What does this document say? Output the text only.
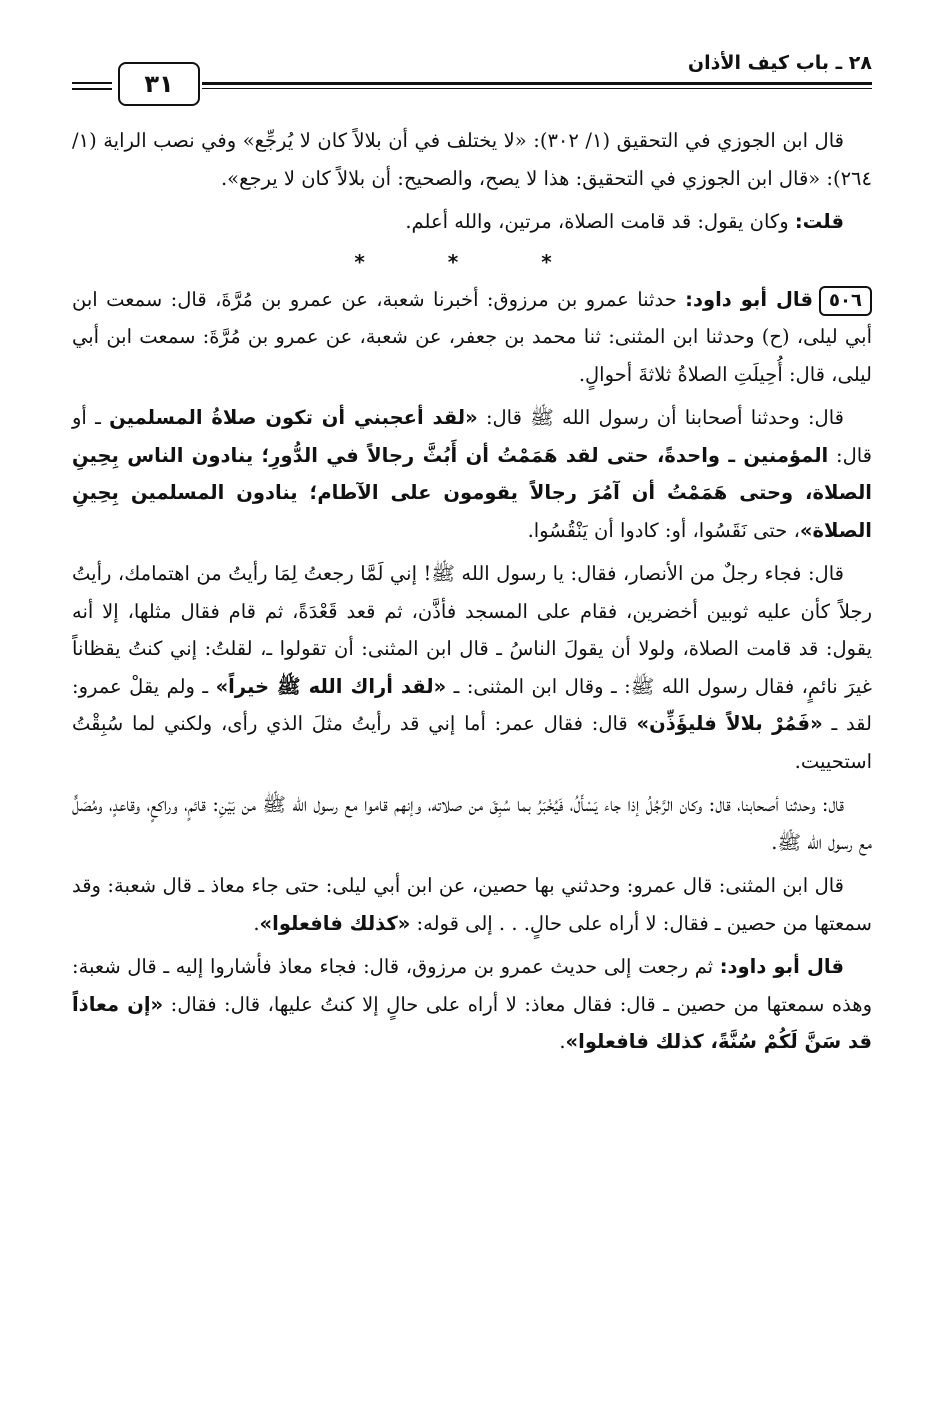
٢٨ ـ باب كيف الأذان
٣١

قال ابن الجوزي في التحقيق (١/ ٣٠٢): «لا يختلف في أن بلالاً كان لا يُرجِّع» وفي نصب الراية (١/ ٢٦٤): «قال ابن الجوزي في التحقيق: هذا لا يصح، والصحيح: أن بلالاً كان لا يرجع».

قلت: وكان يقول: قد قامت الصلاة، مرتين، والله أعلم.

* * *

٥٠٦قال أبو داود: حدثنا عمرو بن مرزوق: أخبرنا شعبة، عن عمرو بن مُرَّةَ، قال: سمعت ابن أبي ليلى، (ح) وحدثنا ابن المثنى: ثنا محمد بن جعفر، عن شعبة، عن عمرو بن مُرَّةَ: سمعت ابن أبي ليلى، قال: أُحِيلَتِ الصلاةُ ثلاثةَ أحوالٍ.

قال: وحدثنا أصحابنا أن رسول الله ﷺ قال: «لقد أعجبني أن تكون صلاةُ المسلمين ـ أو قال: المؤمنين ـ واحدةً، حتى لقد هَمَمْتُ أن أَبُثَّ رجالاً في الدُّورِ؛ ينادون الناس بِحِينِ الصلاة، وحتى هَمَمْتُ أن آمُرَ رجالاً يقومون على الآطام؛ ينادون المسلمين بِحِينِ الصلاة»، حتى نَقَسُوا، أو: كادوا أن يَنْقُسُوا.

قال: فجاء رجلٌ من الأنصار، فقال: يا رسول الله ﷺ! إني لَمَّا رجعتُ لِمَا رأيتُ من اهتمامك، رأيتُ رجلاً كأن عليه ثوبين أخضرين، فقام على المسجد فأذَّن، ثم قعد قَعْدَةً، ثم قام فقال مثلها، إلا أنه يقول: قد قامت الصلاة، ولولا أن يقولَ الناسُ ـ قال ابن المثنى: أن تقولوا ـ، لقلتُ: إني كنتُ يقظاناً غيرَ نائمٍ، فقال رسول الله ﷺ: ـ وقال ابن المثنى: ـ «لقد أراك الله ﷺ خيراً» ـ ولم يقلْ عمرو: لقد ـ «فَمُرْ بلالاً فليؤَذِّن» قال: فقال عمر: أما إني قد رأيتُ مثلَ الذي رأى، ولكني لما سُبِقْتُ استحييت.

قال: وحدثنا أصحابنا، قال: وكان الرَّجُلُ إذا جاء يَسْأَلُ، فَيُخْبَرُ بما سُبِقَ من صلاته، وإنهم قاموا مع رسول الله ﷺ من بَيْنِ: قائمٍ، وراكعٍ، وقاعدٍ، ومُصَلٍّ مع رسول الله ﷺ.

قال ابن المثنى: قال عمرو: وحدثني بها حصين، عن ابن أبي ليلى: حتى جاء معاذ ـ قال شعبة: وقد سمعتها من حصين ـ فقال: لا أراه على حالٍ. . . إلى قوله: «كذلك فافعلوا».

قال أبو داود: ثم رجعت إلى حديث عمرو بن مرزوق، قال: فجاء معاذ فأشاروا إليه ـ قال شعبة: وهذه سمعتها من حصين ـ قال: فقال معاذ: لا أراه على حالٍ إلا كنتُ عليها، قال: فقال: «إن معاذاً قد سَنَّ لَكُمْ سُنَّةً، كذلك فافعلوا».
